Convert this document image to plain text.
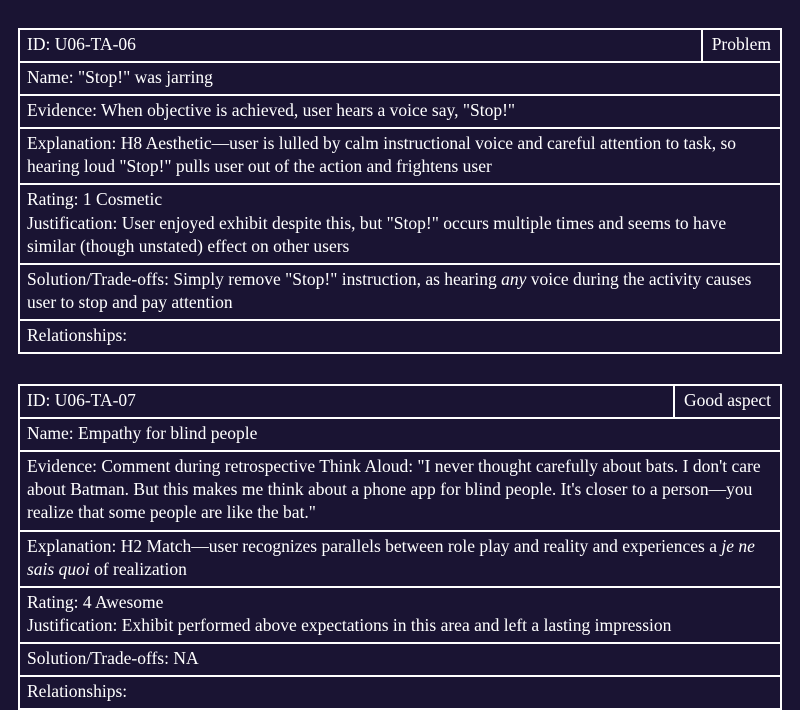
ID: U06-TA-06	Problem
Name: "Stop!" was jarring
Evidence: When objective is achieved, user hears a voice say, "Stop!"
Explanation: H8 Aesthetic—user is lulled by calm instructional voice and careful attention to task, so hearing loud "Stop!" pulls user out of the action and frightens user
Rating: 1 Cosmetic
Justification: User enjoyed exhibit despite this, but "Stop!" occurs multiple times and seems to have similar (though unstated) effect on other users
Solution/Trade-offs: Simply remove "Stop!" instruction, as hearing any voice during the activity causes user to stop and pay attention
Relationships:
ID: U06-TA-07	Good aspect
Name: Empathy for blind people
Evidence: Comment during retrospective Think Aloud: "I never thought carefully about bats. I don't care about Batman. But this makes me think about a phone app for blind people. It's closer to a person—you realize that some people are like the bat."
Explanation: H2 Match—user recognizes parallels between role play and reality and experiences a je ne sais quoi of realization
Rating: 4 Awesome
Justification: Exhibit performed above expectations in this area and left a lasting impression
Solution/Trade-offs: NA
Relationships:
